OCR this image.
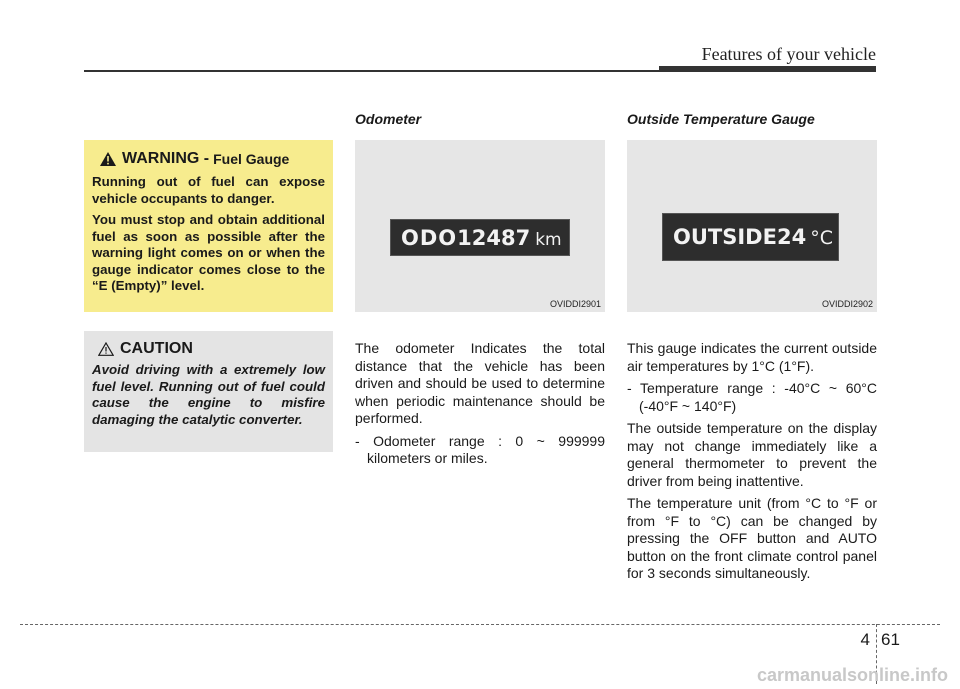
Features of your vehicle
WARNING - Fuel Gauge

Running out of fuel can expose vehicle occupants to danger.

You must stop and obtain additional fuel as soon as possible after the warning light comes on or when the gauge indicator comes close to the “E (Empty)” level.

CAUTION

Avoid driving with a extremely low fuel level. Running out of fuel could cause the engine to misfire damaging the catalytic converter.

Odometer
ODO 12487 km
OVIDDI2901

The odometer Indicates the total distance that the vehicle has been driven and should be used to determine when periodic maintenance should be performed.

- Odometer range : 0 ~ 999999 kilometers or miles.

Outside Temperature Gauge
OUTSIDE 24 °C
OVIDDI2902

This gauge indicates the current outside air temperatures by 1°C (1°F).

- Temperature range : -40°C ~ 60°C (-40°F ~ 140°F)

The outside temperature on the display may not change immediately like a general thermometer to prevent the driver from being inattentive.

The temperature unit (from °C to °F or from °F to °C) can be changed by pressing the OFF button and AUTO button on the front climate control panel for 3 seconds simultaneously.

4 61
carmanualsonline.info
